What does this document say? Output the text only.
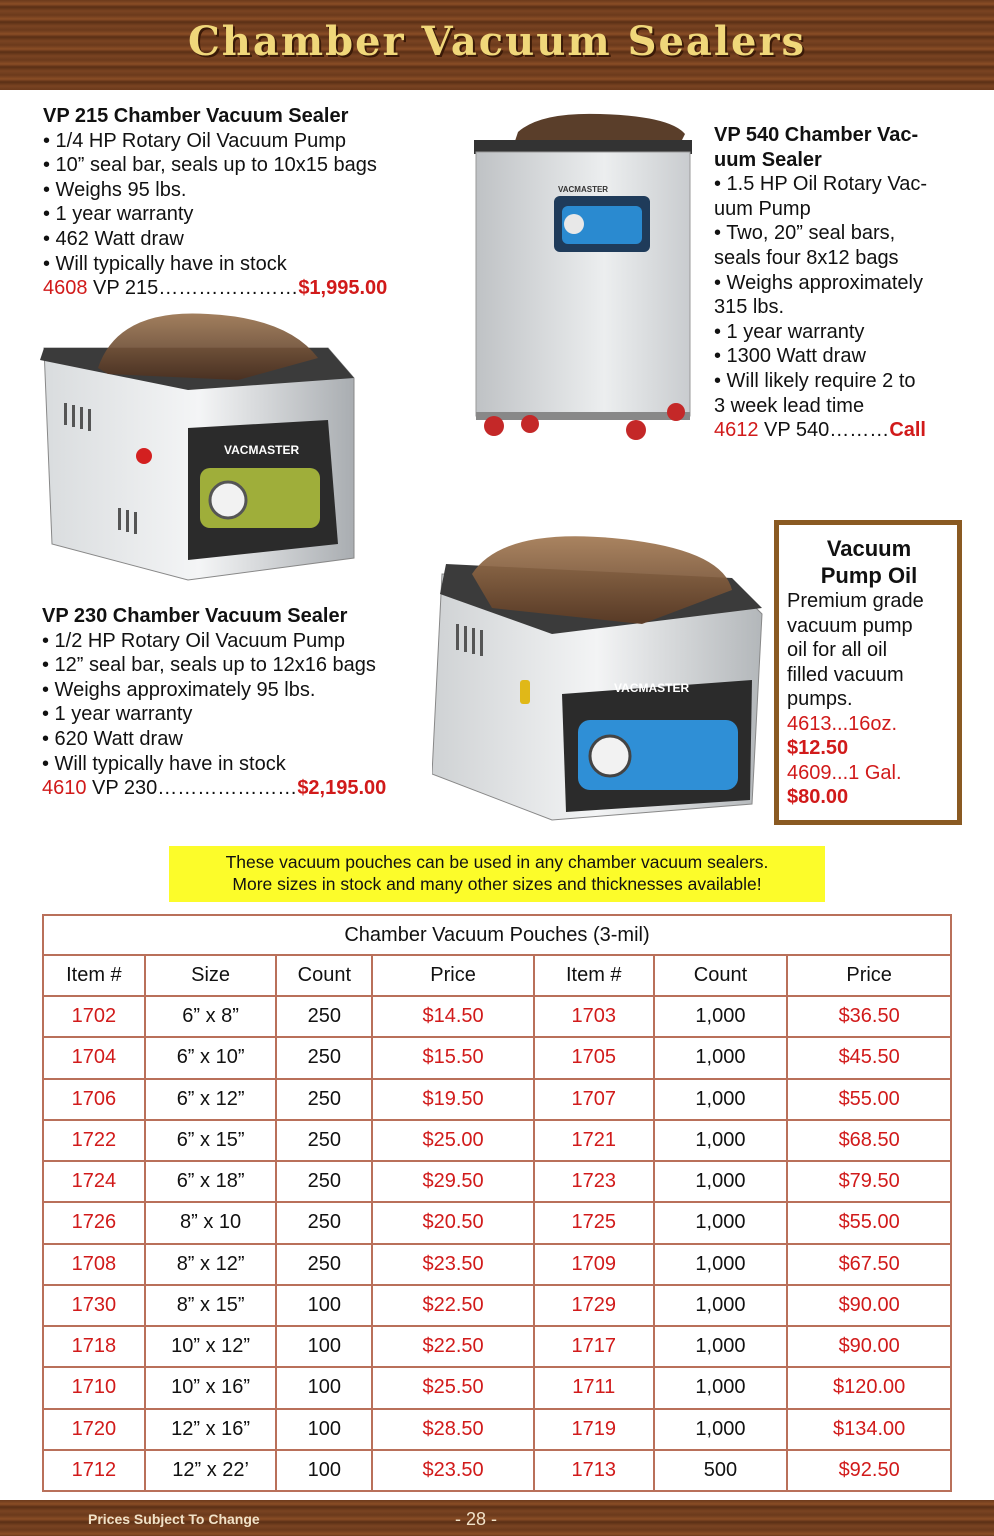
Chamber Vacuum Sealers
VP 215 Chamber Vacuum Sealer
• 1/4 HP Rotary Oil Vacuum Pump
• 10” seal bar, seals up to 10x15 bags
• Weighs 95 lbs.
• 1 year warranty
• 462 Watt draw
• Will typically have in stock
4608 VP 215…………………$1,995.00
VACMASTER
VACMASTER
VP 540 Chamber Vac-
uum Sealer
• 1.5 HP Oil Rotary Vac-
uum Pump
• Two, 20” seal bars,
seals four 8x12 bags
• Weighs approximately
315 lbs.
• 1 year warranty
• 1300 Watt draw
• Will likely require 2 to
3 week lead time
4612 VP 540………Call
VACMASTER
VP 230 Chamber Vacuum Sealer
• 1/2 HP Rotary Oil Vacuum Pump
• 12” seal bar, seals up to 12x16 bags
• Weighs approximately 95 lbs.
• 1 year warranty
• 620 Watt draw
• Will typically have in stock
4610 VP 230…………………$2,195.00
Vacuum
Pump Oil
Premium grade
vacuum pump
oil for all oil
filled vacuum
pumps.
4613...16oz.
$12.50
4609...1 Gal.
$80.00
These vacuum pouches can be used in any chamber vacuum sealers.
More sizes in stock and many other sizes and thicknesses available!
Chamber Vacuum Pouches (3-mil)						
Item #	Size	Count	Price	Item #	Count	Price
1702	6” x 8”	250	$14.50	1703	1,000	$36.50
1704	6” x 10”	250	$15.50	1705	1,000	$45.50
1706	6” x 12”	250	$19.50	1707	1,000	$55.00
1722	6” x 15”	250	$25.00	1721	1,000	$68.50
1724	6” x 18”	250	$29.50	1723	1,000	$79.50
1726	8” x 10	250	$20.50	1725	1,000	$55.00
1708	8” x 12”	250	$23.50	1709	1,000	$67.50
1730	8” x 15”	100	$22.50	1729	1,000	$90.00
1718	10” x 12”	100	$22.50	1717	1,000	$90.00
1710	10” x 16”	100	$25.50	1711	1,000	$120.00
1720	12” x 16”	100	$28.50	1719	1,000	$134.00
1712	12” x 22’	100	$23.50	1713	500	$92.50
Prices Subject To Change	- 28 -
